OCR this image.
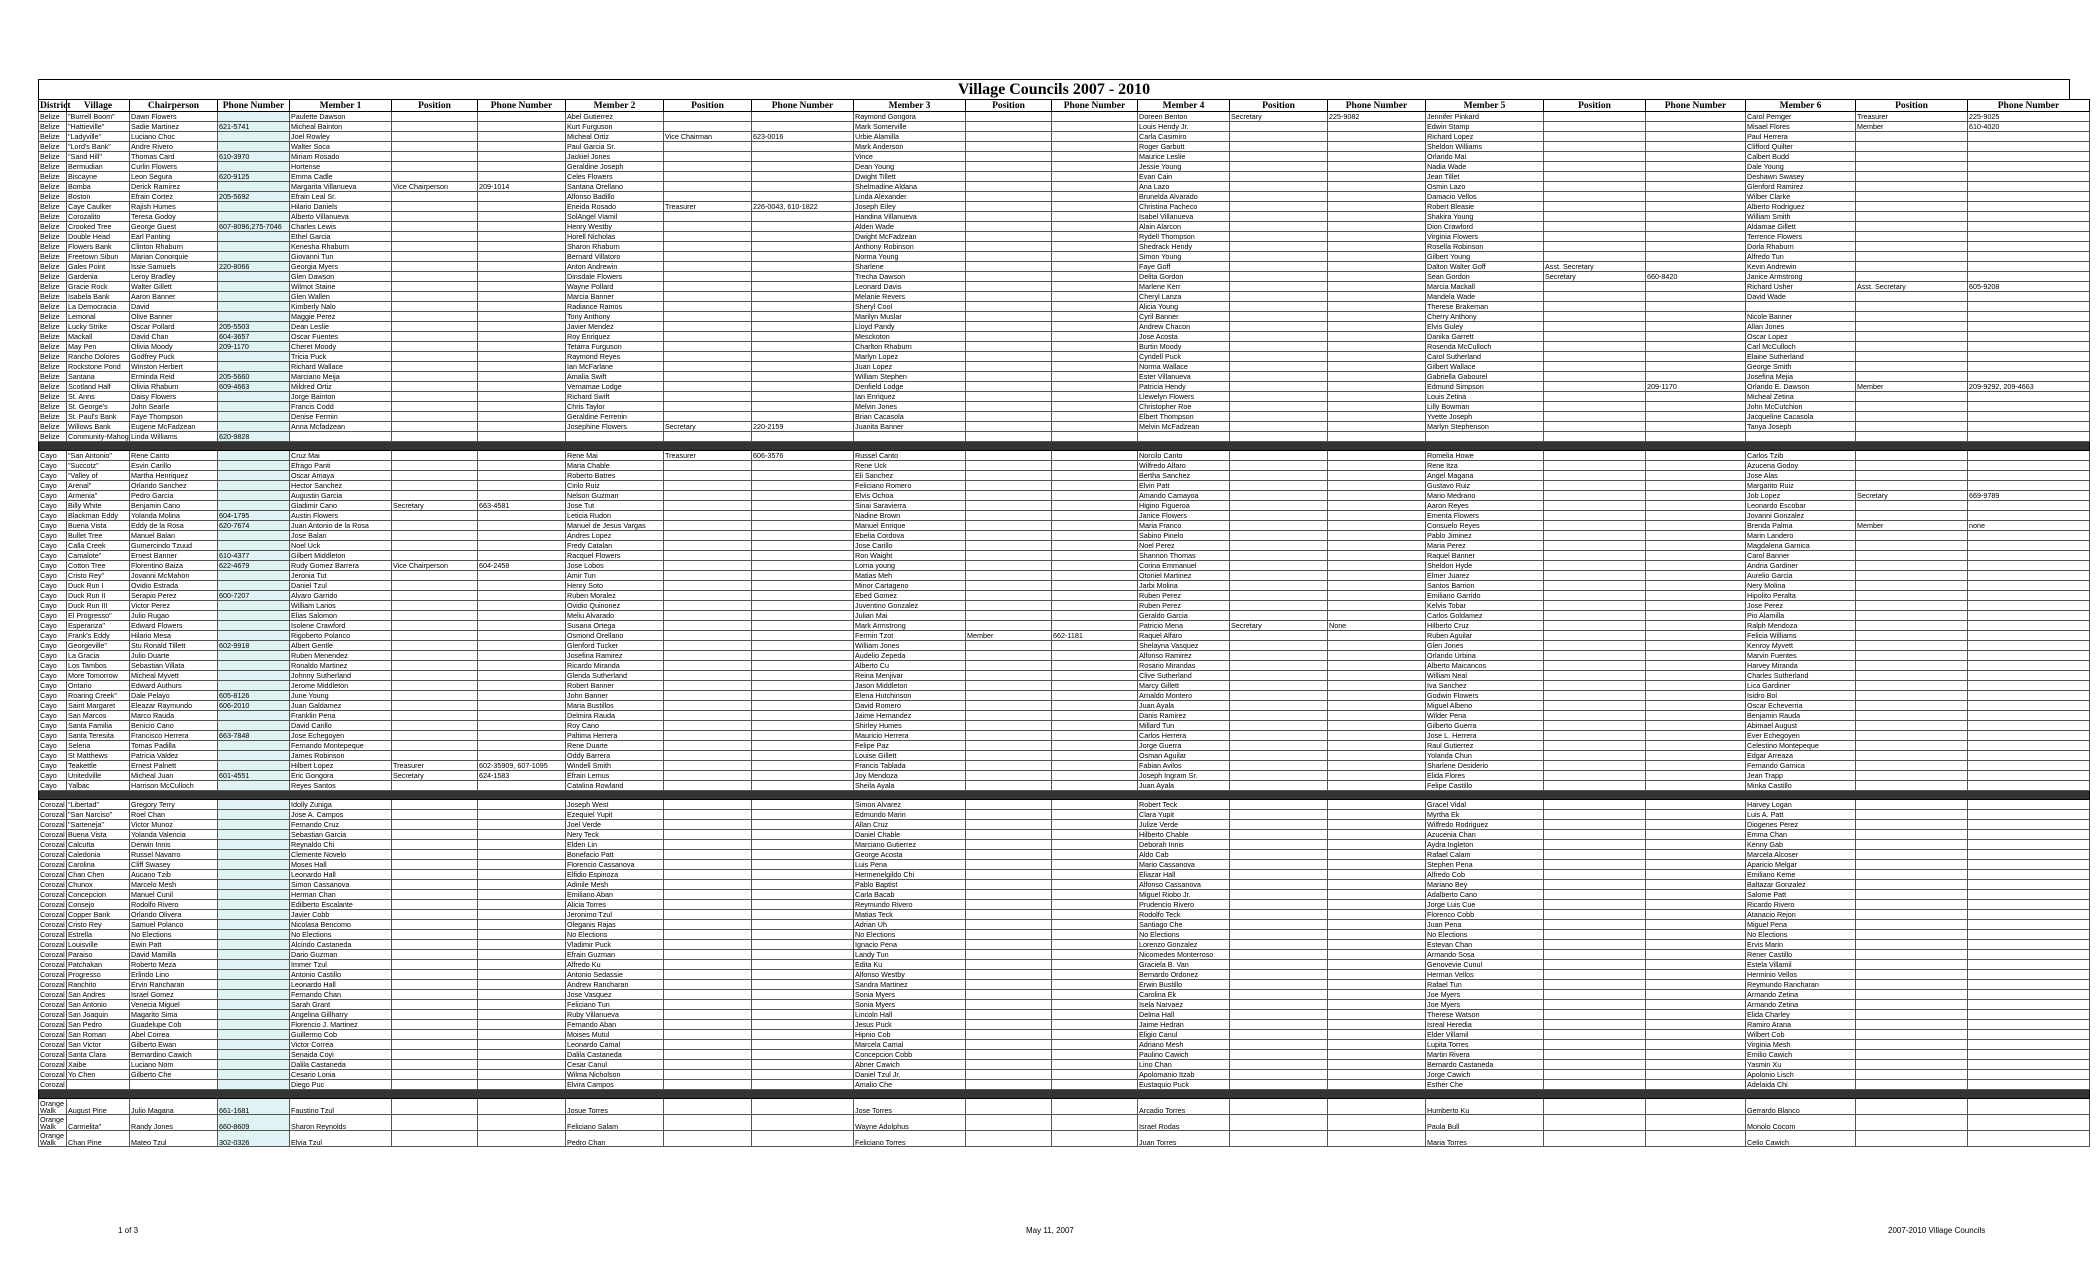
Village Councils 2007 - 2010
District	Village	Chairperson	Phone Number	Member 1	Position	Phone Number	Member 2	Position	Phone Number	Member 3	Position	Phone Number	Member 4	Position	Phone Number	Member 5	Position	Phone Number	Member 6	Position	Phone Number
Belize	"Burrell Boom"	Dawn Flowers		Paulette Dawson			Abel Gutierrez			Raymond Gongora			Doreen Benton	Secretary	225-9082	Jennifer Pinkard			Carol Pemger	Treasurer	225-9025
Belize	"Hattieville"	Sadie Martinez	621-5741	Micheal Bainton			Kurt Furguson			Mark Somerville			Louis Hendy Jr.			Edwin Stamp			Misael Flores	Member	610-4020
Belize	"Ladyville"	Luciano Choc		Joel Rowley			Micheal Ortiz	Vice Chairman	623-0016	Urbie Alamilla			Carla Casimiro			Richard Lopez			Paul Herrera		
Belize	"Lord's Bank"	Andre Rivero		Walter Soca			Paul Garcia Sr.			Mark Anderson			Roger Garbutt			Sheldon Williams			Clifford Quilter		
Belize	"Sand Hill"	Thomas Card	610-3970	Miriam Rosado			Jackiel Jones			Vince			Maurice Leslie			Orlando Mai			Calbert Budd		
Belize	Bermudian	Curlin Flowers		Hortense			Geraldine Joseph			Dean Young			Jessie Young			Nadia Wade			Dale Young		
Belize	Biscayne	Leon Segura	620-9125	Emma Cadle			Celes Flowers			Dwight Tillett			Evan Cain			Jean Tillet			Deshawn Swasey		
Belize	Bomba	Derick Ramirez		Margarita Villanueva	Vice Chairperson	209-1014	Santana Orellano			Shelmadine Aldana			Ana Lazo			Osmin Lazo			Glenford Ramirez		
Belize	Boston	Efrain Cortez	205-5692	Efrain Leal Sr.			Alfonso Badillo			Linda Alexander			Brunelda Alvarado			Damacio Vellos			Wilber Clarke		
Belize	Caye Caulker	Rajish Humes		Hilario Daniels			Eneida Rosado	Treasurer	226-0043, 610-1822	Joseph Eiley			Christina Pacheco			Robert Bleasie			Alberto Rodriguez		
Belize	Corozalito	Teresa Godoy		Alberto Villanueva			SolAngel Viamil			Handina Villanueva			Isabel Villanueva			Shakira Young			William Smith		
Belize	Crooked Tree	George Guest	607-8096,275-7046	Charles Lewis			Henry Westby			Alden Wade			Alain Alarcon			Dion Crawford			Aldamae Gillett		
Belize	Double Head	Earl Panting		Ethel Garcia			Horell Nicholas			Dwight McFadzean			Rydell Thompson			Virginia Flowers			Terrence Flowers		
Belize	Flowers Bank	Clinton Rhaburn		Kenesha Rhaburn			Sharon Rhaburn			Anthony Robinson			Shedrack Hendy			Rosella Robinson			Dorla Rhaburn		
Belize	Freetown Sibun	Marian Conorquie		Giovanni Tun			Bernard Villatoro			Norma Young			Simon Young			Gilbert Young			Alfredo Tun		
Belize	Gales Point	Issie Samuels	220-8066	Georgia Myers			Anton Andrewin			Sharlene			Faye Goff			Dalton Walter Goff	Asst. Secretary		Kevin Andrewin		
Belize	Gardenia	Leroy Bradley		Glen Dawson			Dinsdale Flowers			Trecha Dawson			Delita Gordon			Sean Gordon	Secretary	660-8420	Janice Armstrong		
Belize	Gracie Rock	Walter Gillett		Wilmot Staine			Wayne Pollard			Leonard Davis			Marlene Kerr			Marcia Mackall			Richard Usher	Asst. Secretary	605-9208
Belize	Isabela Bank	Aaron Banner		Glen Wallen			Marcia Banner			Melanie Revers			Cheryl Lanza			Mandela Wade			David Wade		
Belize	La Democracia	David		Kimberly Nalo			Radiance Ramos			Sheryl Cool			Alicia Young			Therese Brakeman					
Belize	Lemonal	Olive Banner		Maggie Perez			Tony Anthony			Marilyn Muslar			Cyril Banner			Cherry Anthony			Nicole Banner		
Belize	Lucky Strike	Oscar Pollard	205-5503	Dean Leslie			Javier Mendez			Lloyd Pandy			Andrew Chacon			Elvis Guley			Allan Jones		
Belize	Mackall	David Chan	604-3657	Oscar Fuentes			Roy Enriquez			Mesckoton			Jose Acosta			Danika Garrett			Oscar Lopez		
Belize	May Pen	Olivia Moody	209-1170	Cheret Moody			Tetarra Furguson			Charlton Rhaburn			Burtin Moody			Rosenda McCulloch			Carl McCulloch		
Belize	Rancho Dolores	Godfrey Puck		Tricia Puck			Raymond Reyes			Marlyn Lopez			Cyndell Puck			Carol Sutherland			Elaine Sutherland		
Belize	Rockstone Pond	Winston Herbert		Richard Wallace			Ian McFarlane			Juan Lopez			Norma Wallace			Gilbert Wallace			George Smith		
Belize	Santana	Erminda Reid	205-5660	Marciano Meija			Amalia Swift			William Stephen			Ester Villanueva			Gabriella Gabourel			Josefina Mejia		
Belize	Scotland Half	Olivia Rhaburn	609-4663	Mildred Ortiz			Vernamae Lodge			Denfield Lodge			Patricia Hendy			Edmund Simpson		209-1170	Orlando E. Dawson	Member	209-9292, 209-4663
Belize	St. Anns	Daisy Flowers		Jorge Bainton			Richard Swift			Ian Enriquez			Llewelyn Flowers			Louis Zetina			Micheal Zetina		
Belize	St. George's	John Searle		Francis Codd			Chris Taylor			Melvin Jones			Christopher Roe			Lilly Bowman			John McCutchion		
Belize	St. Paul's Bank	Faye Thompson		Denise Fermin			Geraldine Ferrenin			Brian Cacasola			Elbert Thompson			Yvette Joseph			Jacqueline Cacasola		
Belize	Willows Bank	Eugene McFadzean		Anna Mcfadzean			Josephine Flowers	Secretary	220-2159	Juanita Banner			Melvin McFadzean			Marlyn Stephenson			Tanya Joseph		
Belize	Community-Mahog	Linda Williams	620-9828																		

Cayo	"San Antonio"	Rene Canto		Cruz Mai			Rene Mai	Treasurer	606-3576	Russel Canto			Norcilo Canto			Romelia Howe			Carlos Tzib		
Cayo	"Succotz"	Esvin Carillo		Efrago Panti			Maria Chable			Rene Uck			Wilfredo Alfaro			Rene Itza			Azucena Godoy		
Cayo	"Valley of	Martha Henriquez		Oscar Amaya			Roberto Batres			Eli Sanchez			Bertha Sanchez			Angel Magana			Jose Alas		
Cayo	Arenal"	Orlando Sanchez		Hector Sanchez			Cirilo Ruiz			Feliciano Romero			Elvin Patt			Gustavo Ruiz			Margarito Ruiz		
Cayo	Armenia"	Pedro Garcia		Augustin Garcia			Nelson Guzman			Elvis Ochoa			Amando Camayoa			Mario Medrano			Job Lopez	Secretary	669-9789
Cayo	Billy White	Benjamin Cano		Gladimir Cano	Secretary	663-4581	Jose Tut			Sinai Saravierra			Higino Figueroa			Aaron Reyes			Leonardo Escobar		
Cayo	Blackman Eddy	Yolanda Molina	604-1795	Austin Flowers			Leticia Rudon			Nadine Brown			Janice Flowers			Ementa Flowers			Jovanni Gonzalez		
Cayo	Buena Vista	Eddy de la Rosa	620-7674	Juan Antonio de la Rosa			Manuel de Jesus Vargas			Manuel Enrique			Maria Franco			Consuelo Reyes			Brenda Palma	Member	none
Cayo	Bullet Tree	Manuel Balan		Jose Balan			Andres Lopez			Ebelia Cordova			Sabino Pinelo			Pablo Jiminez			Marin Landero		
Cayo	Calla Creek	Gumercindo Tzuud		Noel Uck			Fredy Catalan			Jose Carillo			Noel Perez			Maria Perez			Magdalena Garnica		
Cayo	Camalote"	Ernest Banner	610-4377	Gilbert Middleton			Racquel Flowers			Ron Waight			Shannon Thomas			Raquel Banner			Carol Banner		
Cayo	Cotton Tree	Florentino Baiza	622-4679	Rudy Gomez Barrera	Vice Chairperson	604-2458	Jose Lobos			Lorna young			Corina Emmanuel			Sheldon Hyde			Andria Gardiner		
Cayo	Cristo Rey"	Jovanni McMahon		Jeronia Tut			Amir Tun			Matias Meh			Otoniel Martinez			Elmer Juarez			Aurelio Garcia		
Cayo	Duck Run I	Ovidio Estrada		Daniel Tzul			Henry Soto			Minor Cartageno			Jarbi Molina			Santos Barrion			Nery Molina		
Cayo	Duck Run II	Serapio Perez	600-7207	Alvaro Garrido			Ruben Moralez			Ebed Gomez			Ruben Perez			Emiliano Garrido			Hipolito Peralta		
Cayo	Duck Run III	Victor Perez		William Larios			Ovidio Quinonez			Juventino Gonzalez			Ruben Perez			Kelvis Tobar			Jose Perez		
Cayo	El Progresso"	Julio Rugao		Elias Salomon			Meliu Alvarado			Julian Mai			Geraldo Garcia			Carlos Goldamez			Pio Alamilla		
Cayo	Esperanza"	Edward Flowers		Isolene Crawford			Susana Ortega			Mark Armstrong			Patricio Mena	Secretary	None	Hilberto Cruz			Ralph Mendoza		
Cayo	Frank's Eddy	Hilario Mesa		Rigoberto Polanco			Osmond Orellano			Fermin Tzot	Member	662-1181	Raquel Alfaro			Ruben Aguilar			Felicia Williams		
Cayo	Georgeville"	Stu Ronald Tillett	602-9918	Albert Gentle			Glenford Tucker			William Jones			Shelayna Vasquez			Glen Jones			Kenroy Myvett		
Cayo	La Gracia	Julio Duarte		Ruben Menendez			Josefina Ramirez			Audelio Zepeda			Alfonso Ramirez			Orlando Urbina			Marvin Fuentes		
Cayo	Los Tambos	Sebastian Villata		Ronaldo Martinez			Ricardo Miranda			Alberto Cu			Rosario Mirandas			Alberto Maicancos			Harvey Miranda		
Cayo	More Tomorrow	Micheal Myvett		Johnny Sutherland			Glenda Sutherland			Reina Menjivar			Clive Sutherland			William Neal			Charles Sutherland		
Cayo	Ontario	Edward Authurs		Jerome Middleton			Robert Banner			Jason Middleton			Marcy Gillett			Iva Sanchez			Lica Gardiner		
Cayo	Roaring Creek"	Dale Pelayo	605-8126	June Young			John Banner			Elena Hutchinson			Arnaldo Montero			Godwin Flowers			Isidro Bol		
Cayo	Saint Margaret	Eleazar Raymundo	606-2010	Juan Galdamez			Maria Bustillos			David Romero			Juan Ayala			Miguel Albeno			Oscar Echeverria		
Cayo	San Marcos	Marco Rauda		Franklin Pena			Delmira Rauda			Jaime Hernandez			Danis Ramirez			Wilder Pena			Benjamin Rauda		
Cayo	Santa Familia	Benicio Cano		David Carillo			Roy Cano			Shirley Humes			Millard Tun			Gilberto Guerra			Abimael August		
Cayo	Santa Teresita	Francisco Herrera	663-7848	Jose Echegoyen			Paltima Herrera			Mauricio Herrera			Carlos Herrera			Jose L. Herrera			Ever Echegoyen		
Cayo	Selena	Tomas Padilla		Fernando Montepeque			Rene Duarte			Felipe Paz			Jorge Guerra			Raul Gutierrez			Celestino Montepeque		
Cayo	St Matthews	Patricia Valdez		James Robinson			Oddy Barrera			Louise Gillett			Osman Aguilar			Yolanda Chun			Edgar Arreaza		
Cayo	Teakettle	Ernest Palnett		Hilbert Lopez	Treasurer	602-35909, 607-1095	Windell Smith			Francis Tablada			Fabian Avilos			Sharlene Desiderio			Fernando Garnica		
Cayo	Unitedville	Micheal Juan	601-4551	Eric Gongora	Secretary	624-1583	Efrain Lemus			Joy Mendoza			Joseph Ingram Sr.			Elida Flores			Jean Trapp		
Cayo	Yalbac	Harrison McCulloch		Reyes Santos			Catalina Rowland			Sheila Ayala			Juan Ayala			Felipe Castillo			Minka Castillo		

Corozal	"Libertad"	Gregory Terry		Idolly Zuniga			Joseph West			Simon Alvarez			Robert Teck			Gracel Vidal			Harvey Logan		
Corozal	"San Narciso"	Roel Chan		Jose A. Campos			Ezequiel Yupit			Edmundo Marin			Clara Yupit			Myrtha Ek			Luis A. Patt		
Corozal	"Sarteneja"	Victor Munoz		Fernando Cruz			Joel Verde			Allan Cruz			Julize Verde			Wilfredo Rodriguez			Diogenes Perez		
Corozal	Buena Vista	Yolanda Valencia		Sebastian Garcia			Nery Teck			Daniel Chable			Hilberto Chable			Azucenia Chan			Emma Chan		
Corozal	Calcutta	Derwin Innis		Reynaldo Chi			Elden Lin			Marciano Gutierrez			Deborah Innis			Aydra Ingleton			Kenny Gab		
Corozal	Caledonia	Russel Navarro		Clemente Novelo			Bonefacio Patt			George Acosta			Aldo Cab			Rafael Calam			Marcela Alcoser		
Corozal	Carolina	Cliff Swasey		Moses Hall			Florencio Cassanova			Luis Pena			Mario Cassanova			Stephen Pena			Aparicio Melgar		
Corozal	Chan Chen	Aucano Tzib		Leonardo Hall			Elfidio Espinoza			Hermenelgildo Chi			Eliazar Hall			Alfredo Cob			Emiliano Keme		
Corozal	Chunox	Marcelo Mesh		Simon Cassanova			Adinile Mesh			Pablo Baptist			Alfonso Cassanova			Mariano Bey			Baltazar Gonzalez		
Corozal	Concepcion	Manuel Cunil		Herman Chan			Emiliano Aban			Carla Bacab			Miguel Riobo Jr.			Adalberto Cano			Salome Patt		
Corozal	Consejo	Rodolfo Rivero		Edilberto Escalante			Alicia Torres			Reymundo Rivero			Prudencio Rivero			Jorge Luis Cue			Ricardo Rivero		
Corozal	Copper Bank	Orlando Olivera		Javier Cobb			Jeronimo Tzul			Matias Teck			Rodolfo Teck			Florenco Cobb			Atanacio Rejon		
Corozal	Cristo Rey	Samuel Polanco		Nicolasa Bencomo			Oleganis Rajas			Adrian Uh			Santiago Che			Juan Pena			Miguel Pena		
Corozal	Estrella	No Elections		No Elections			No Elections			No Elections			No Elections			No Elections			No Elections		
Corozal	Louisville	Ewin Patt		Alcindo Castaneda			Vladimir Puck			Ignacio Pena			Lorenzo Gonzalez			Estevan Chan			Ervis Marin		
Corozal	Paraiso	David Mamilla		Dario Guzman			Efrain Guzman			Landy Tun			Nicomedes Monterroso			Armando Sosa			Rener Castillo		
Corozal	Patchakan	Roberto Meza		Immer Tzul			Alfredo Ku			Edita Ku			Graciela B. Van			Genovevie Cunul			Estela Villamil		
Corozal	Progresso	Erlindo Lino		Antonio Castillo			Antonio Sedassie			Alfonso Westby			Bernardo Ordonez			Herman Vellos			Herminio Vellos		
Corozal	Ranchito	Ervin Rancharan		Leonardo Hall			Andrew Rancharan			Sandra Martinez			Erwin Bustillo			Rafael Tun			Reymundo Rancharan		
Corozal	San Andres	Israel Gomez		Fernando Chan			Jose Vasquez			Sonia Myers			Carolina Ek			Joe Myers			Armando Zetina		
Corozal	San Antonio	Venecia Miguel		Sarah Grant			Feliciano Tun			Sonia Myers			Isela Narvaez			Joe Myers			Armando Zetina		
Corozal	San Joaquin	Magarito Sima		Angelina Gillharry			Ruby Villanueva			Lincoln Hall			Delma Hall			Therese Watson			Elida Charley		
Corozal	San Pedro	Guadelupe Cob		Florencio J. Martinez			Fernando Aban			Jesus Puck			Jaime Hedran			Isreal Heredia			Ramiro Arana		
Corozal	San Roman	Abel Correa		Guillermo Cob			Moises Mutul			Hipnio Cob			Eligio Canul			Elder Villamil			Wilbert Cob		
Corozal	San Victor	Gilberto Ewan		Victor Correa			Leonardo Camal			Marcela Camal			Adriano Mesh			Lupita Torres			Virginia Mesh		
Corozal	Santa Clara	Bernardino Cawich		Senaida Coyi			Dalila Castaneda			Concepcion Cobb			Paulino Cawich			Martin Rivera			Emilio Cawich		
Corozal	Xaibe	Luciano Nom		Dalila Castaneda			Cesar Canul			Abner Cawich			Lino Chan			Bernardo Castaneda			Yasmin Xu		
Corozal	Yo Chen	Gilberto Che		Cesario Lonia			Wilma Nicholson			Daniel Tzul Jr.			Apolomanio Itzab			Jorge Cawich			Apolonio Lisch		
Corozal				Diego Puc			Elvira Campos			Amalio Che			Eustaquio Puck			Esther Che			Adelaida Chi		

Orange Walk	August Pine	Julio Magana	661-1681	Faustino Tzul			Josue Torres			Jose Torres			Arcadio Torres			Humberto Ku			Gerrardo Blanco		
Orange Walk	Carmelita"	Randy Jones	660-8609	Sharon Reynolds			Feliciano Salam			Wayne Adolphus			Israel Rodas			Paula Bull			Monolo Cocom		
Orange Walk	Chan Pine	Mateo Tzul	302-0326	Elvia Tzul			Pedro Chan			Feliciano Torres			Juan Torres			Maria Torres			Celio Cawich		
1 of 3	May 11, 2007	2007-2010 Village Councils
